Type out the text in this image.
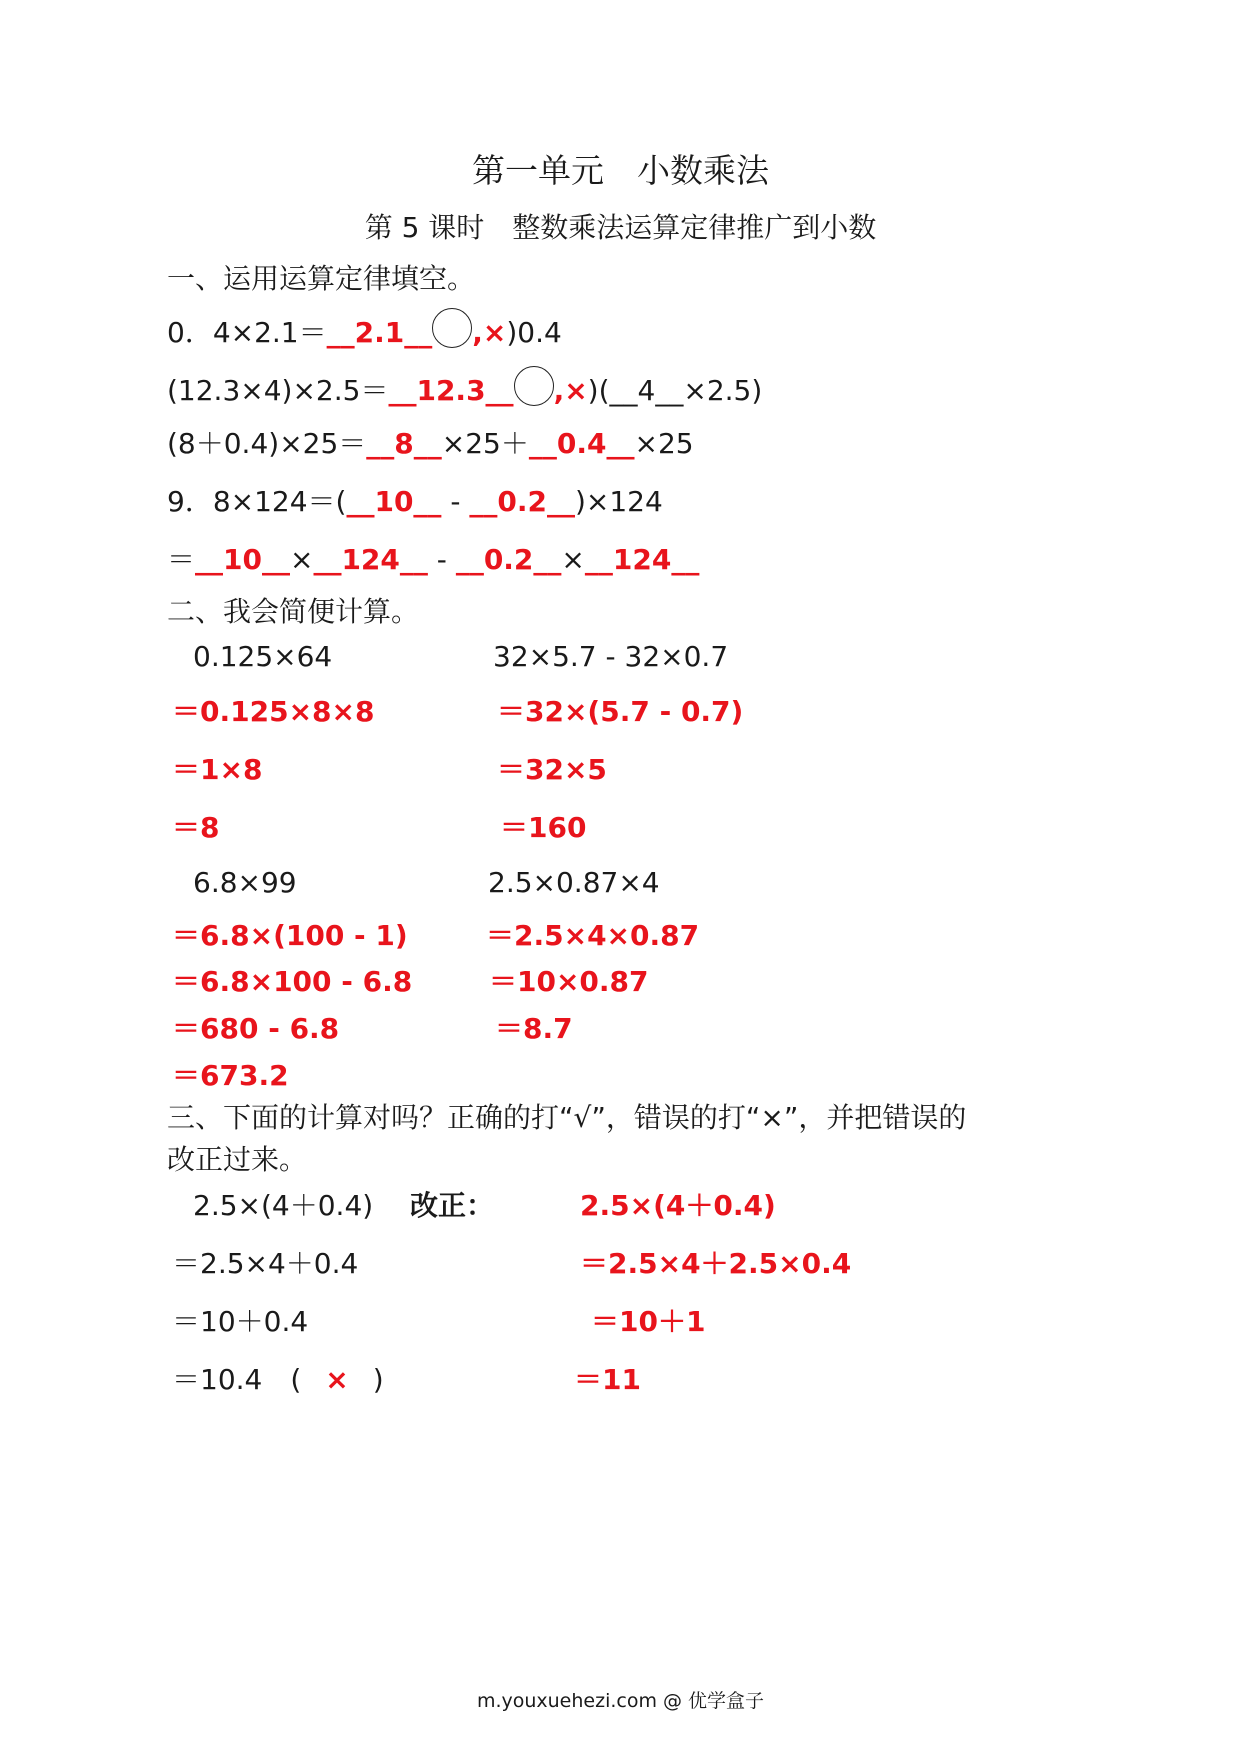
第一单元　小数乘法
第 5 课时　整数乘法运算定律推广到小数
一、运用运算定律填空。
0．4×2.1＝__2.1__ ,×)0.4
(12.3×4)×2.5＝__12.3__ ,×)(__4__×2.5)
(8＋0.4)×25＝__8__×25＋__0.4__×25
9．8×124＝(__10__ - __0.2__)×124
＝__10__×__124__ - __0.2__×__124__
二、我会简便计算。
0.125×64
＝0.125×8×8
＝1×8
＝8
32×5.7 - 32×0.7
＝32×(5.7 - 0.7)
＝32×5
＝160
6.8×99
＝6.8×(100 - 1)
＝6.8×100 - 6.8
＝680 - 6.8
＝673.2
2.5×0.87×4
＝2.5×4×0.87
＝10×0.87
＝8.7
三、下面的计算对吗？正确的打“√”，错误的打“×”，并把错误的
改正过来。
2.5×(4＋0.4)
＝2.5×4＋0.4
＝10＋0.4
＝10.4 ( × )
改正：	2.5×(4＋0.4)
＝2.5×4＋2.5×0.4
＝10＋1
＝11
m.youxuehezi.com @ 优学盒子
